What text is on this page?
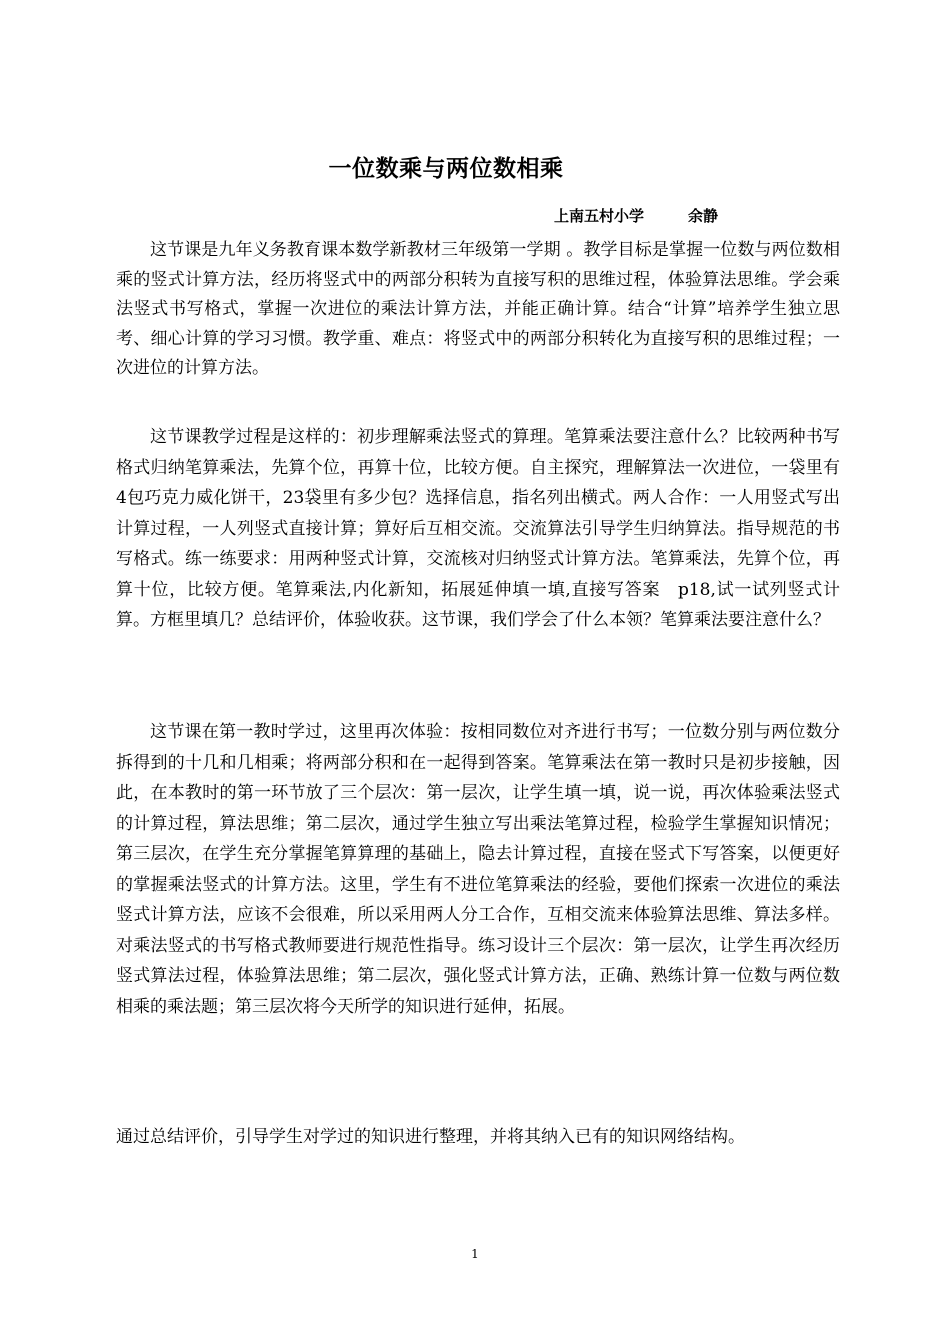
一位数乘与两位数相乘
上南五村小学	余静

这节课是九年义务教育课本数学新教材三年级第一学期 。教学目标是掌握一位数与两位数相乘的竖式计算方法，经历将竖式中的两部分积转为直接写积的思维过程，体验算法思维。学会乘法竖式书写格式，掌握一次进位的乘法计算方法，并能正确计算。结合“计算”培养学生独立思考、细心计算的学习习惯。教学重、难点：将竖式中的两部分积转化为直接写积的思维过程；一次进位的计算方法。

这节课教学过程是这样的：初步理解乘法竖式的算理。笔算乘法要注意什么？比较两种书写格式归纳笔算乘法，先算个位，再算十位，比较方便。自主探究，理解算法一次进位，一袋里有4包巧克力威化饼干，23袋里有多少包？选择信息，指名列出横式。两人合作：一人用竖式写出计算过程，一人列竖式直接计算；算好后互相交流。交流算法引导学生归纳算法。指导规范的书写格式。练一练要求：用两种竖式计算，交流核对归纳竖式计算方法。笔算乘法，先算个位，再算十位，比较方便。笔算乘法,内化新知，拓展延伸填一填,直接写答案　p18,试一试列竖式计算。方框里填几？总结评价，体验收获。这节课，我们学会了什么本领？笔算乘法要注意什么？

这节课在第一教时学过，这里再次体验：按相同数位对齐进行书写；一位数分别与两位数分拆得到的十几和几相乘；将两部分积和在一起得到答案。笔算乘法在第一教时只是初步接触，因此，在本教时的第一环节放了三个层次：第一层次，让学生填一填，说一说，再次体验乘法竖式的计算过程，算法思维；第二层次，通过学生独立写出乘法笔算过程，检验学生掌握知识情况；第三层次，在学生充分掌握笔算算理的基础上，隐去计算过程，直接在竖式下写答案，以便更好的掌握乘法竖式的计算方法。这里，学生有不进位笔算乘法的经验，要他们探索一次进位的乘法竖式计算方法，应该不会很难，所以采用两人分工合作，互相交流来体验算法思维、算法多样。对乘法竖式的书写格式教师要进行规范性指导。练习设计三个层次：第一层次，让学生再次经历竖式算法过程，体验算法思维；第二层次，强化竖式计算方法，正确、熟练计算一位数与两位数相乘的乘法题；第三层次将今天所学的知识进行延伸，拓展。

通过总结评价，引导学生对学过的知识进行整理，并将其纳入已有的知识网络结构。

1
